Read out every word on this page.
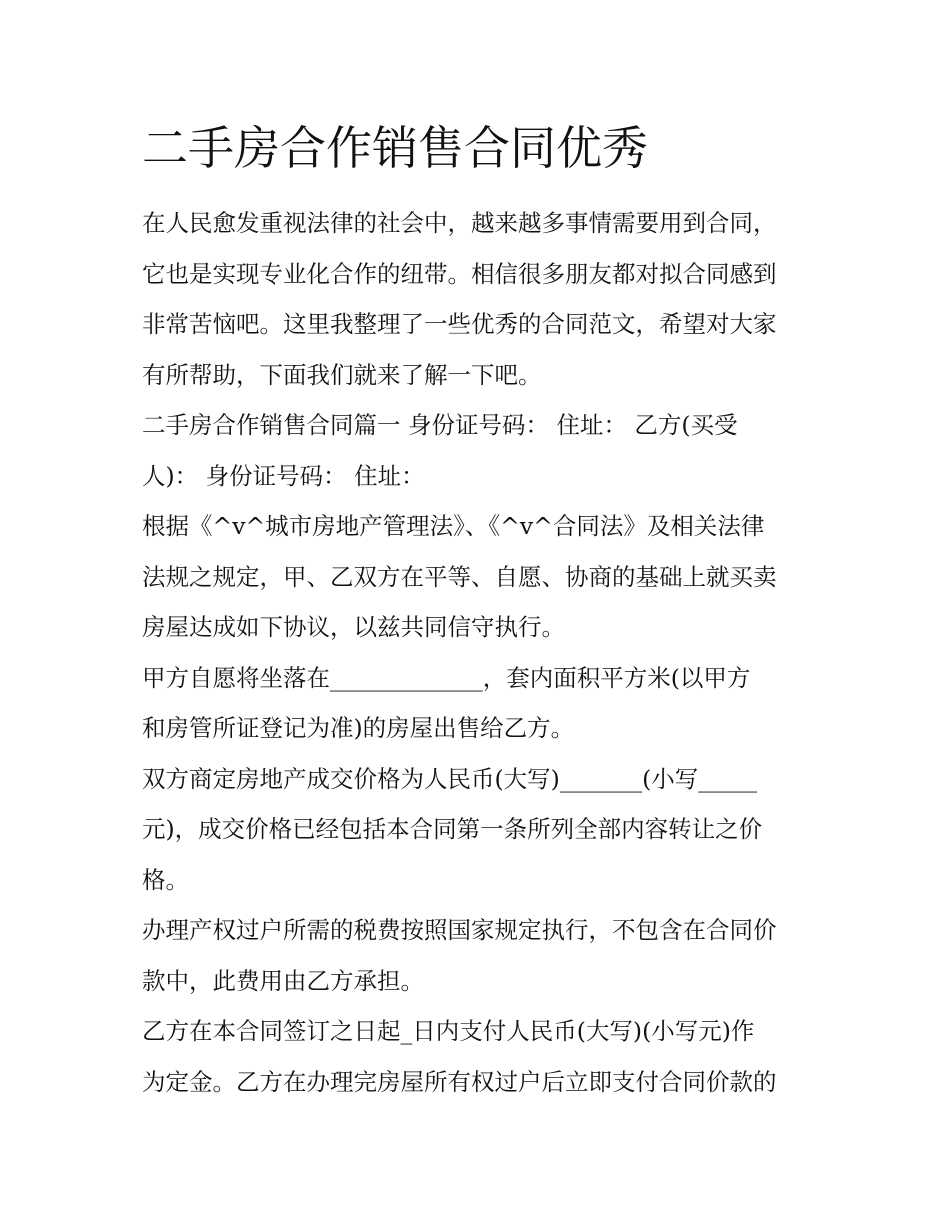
二手房合作销售合同优秀
在人民愈发重视法律的社会中，越来越多事情需要用到合同，
它也是实现专业化合作的纽带。相信很多朋友都对拟合同感到
非常苦恼吧。这里我整理了一些优秀的合同范文，希望对大家
有所帮助，下面我们就来了解一下吧。
二手房合作销售合同篇一 身份证号码： 住址： 乙方(买受
人)： 身份证号码： 住址：
根据《^v^城市房地产管理法》、《^v^合同法》及相关法律
法规之规定，甲、乙双方在平等、自愿、协商的基础上就买卖
房屋达成如下协议，以兹共同信守执行。
甲方自愿将坐落在_____________，套内面积平方米(以甲方
和房管所证登记为准)的房屋出售给乙方。
双方商定房地产成交价格为人民币(大写)_______(小写_____
元)，成交价格已经包括本合同第一条所列全部内容转让之价
格。
办理产权过户所需的税费按照国家规定执行，不包含在合同价
款中，此费用由乙方承担。
乙方在本合同签订之日起_日内支付人民币(大写)(小写元)作
为定金。乙方在办理完房屋所有权过户后立即支付合同价款的
